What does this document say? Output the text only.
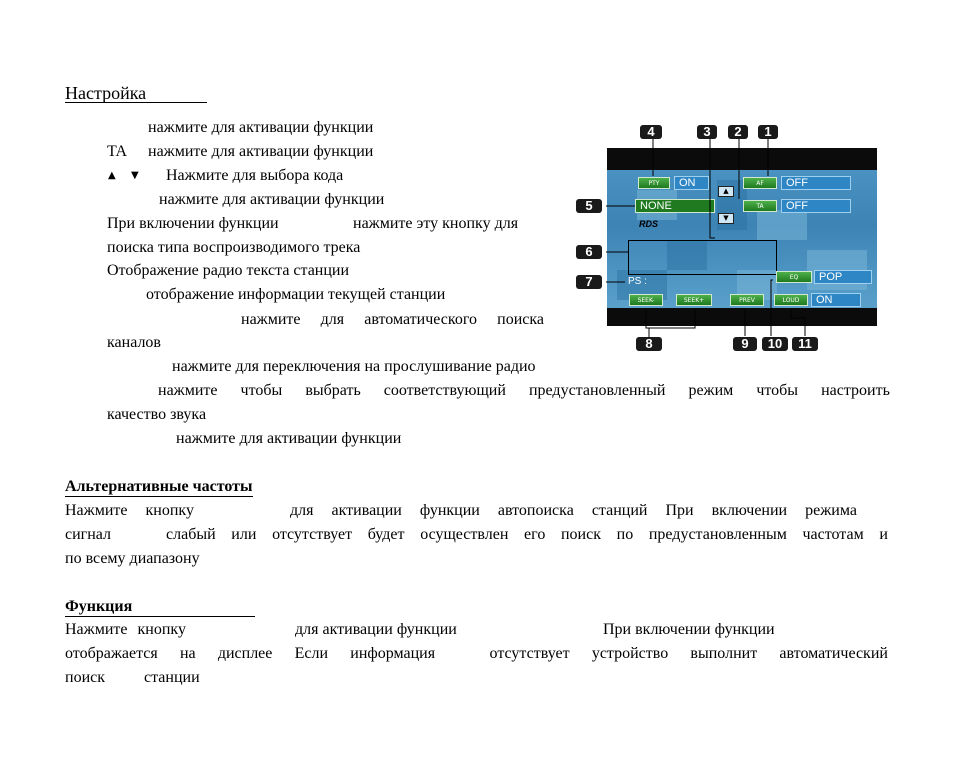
Настройка
нажмите для активации функции
TA нажмите для активации функции
▲ ▼ Нажмите для выбора кода
нажмите для активации функции
При включении функции	нажмите эту кнопку для
поиска типа воспроизводимого трека
Отображение радио текста станции
отображение информации текущей станции
нажмите для автоматического поиска
каналов
нажмите для переключения на прослушивание радио
нажмите чтобы выбрать соответствующий предустановленный режим чтобы настроить
качество звука
нажмите для активации функции
Альтернативные частоты
Нажмите кнопку	для активации функции автопоиска станций При включении режима
сигнал	слабый или отсутствует будет осуществлен его поиск по предустановленным частотам и
по всему диапазону
Функция
Нажмите кнопку	для активации функции	При включении функции
отображается на дисплее Если информация	отсутствует устройство выполнит автоматический
поиск станции
PTY	ON
▲
AF	OFF
NONE
▼
TA	OFF
RDS
PS :	EQ	POP
SEEK-	SEEK+	PREV	LOUD	ON
4	3	2	1
5
6
7
8	9	10	11
